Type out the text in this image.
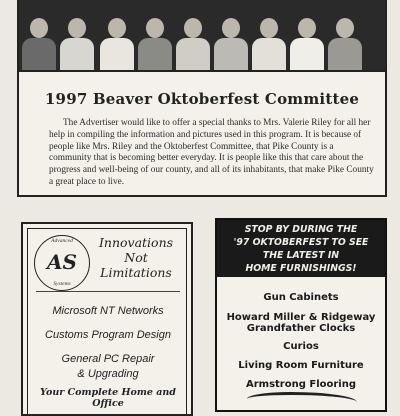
1997 Beaver Oktoberfest Committee
The Advertiser would like to offer a special thanks to Mrs. Valerie Riley for all her help in compiling the information and pictures used in this program. It is because of people like Mrs. Riley and the Oktoberfest Committee, that Pike County is a community that is becoming better everyday. It is people like this that care about the progress and well-being of our county, and all of its inhabitants, that make Pike County a great place to live.
Advanced
AS
Systems
Innovations
Not
Limitations
Microsoft NT Networks
Customs Program Design
General PC Repair
& Upgrading
Your Complete Home and Office
STOP BY DURING THE
'97 OKTOBERFEST TO SEE
THE LATEST IN
HOME FURNISHINGS!
Gun Cabinets
Howard Miller & Ridgeway
Grandfather Clocks
Curios
Living Room Furniture
Armstrong Flooring
